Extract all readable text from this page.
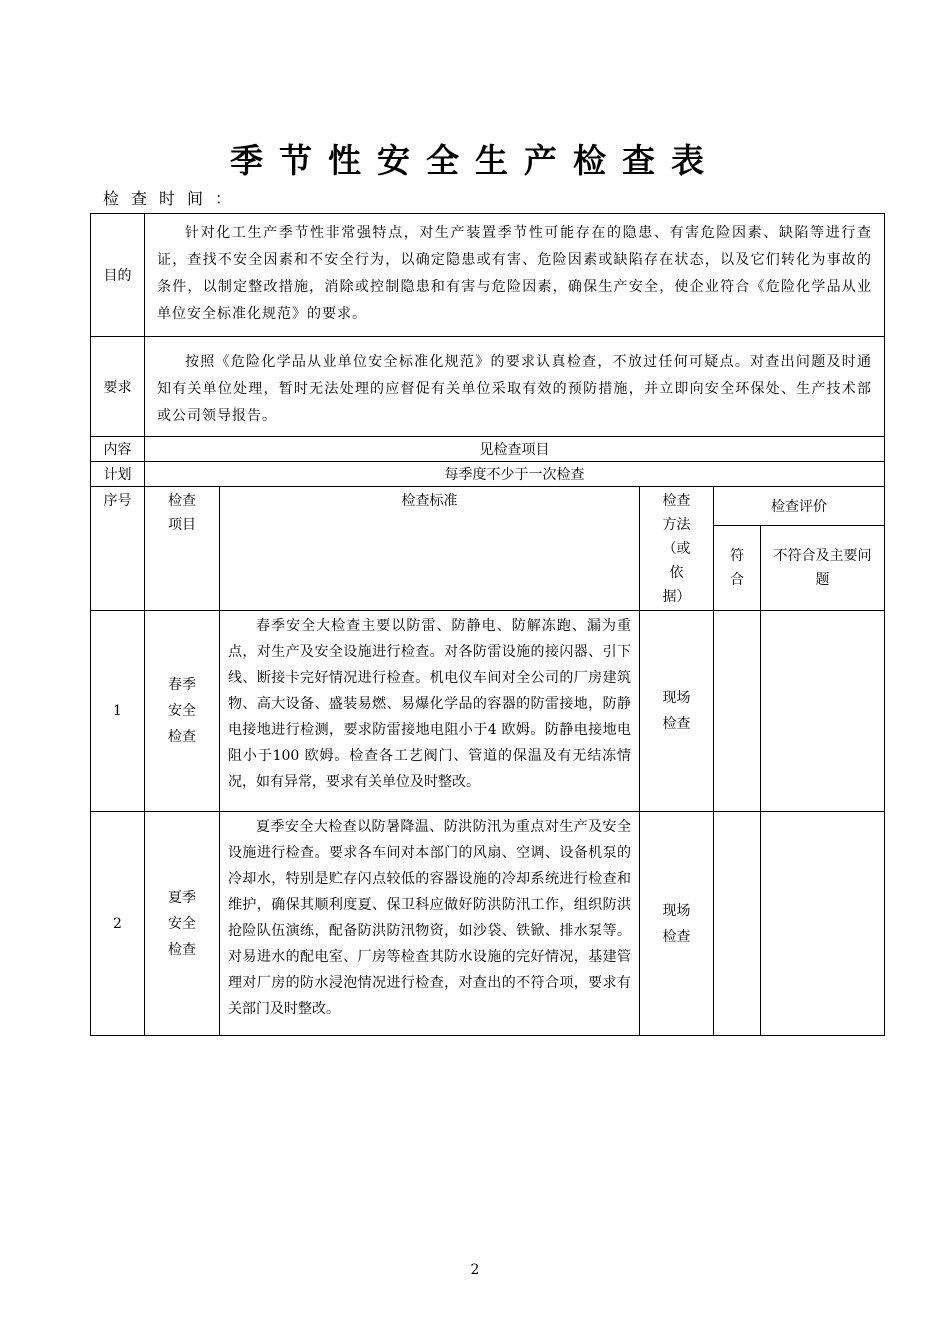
季节性安全生产检查表
检查时间：
目的	针对化工生产季节性非常强特点，对生产装置季节性可能存在的隐患、有害危险因素、缺陷等进行查证，查找不安全因素和不安全行为，以确定隐患或有害、危险因素或缺陷存在状态，以及它们转化为事故的条件，以制定整改措施，消除或控制隐患和有害与危险因素，确保生产安全，使企业符合《危险化学品从业单位安全标准化规范》的要求。				
要求	按照《危险化学品从业单位安全标准化规范》的要求认真检查，不放过任何可疑点。对查出问题及时通知有关单位处理，暂时无法处理的应督促有关单位采取有效的预防措施，并立即向安全环保处、生产技术部或公司领导报告。				
内容	见检查项目				
计划	每季度不少于一次检查				
序号	检查项目	检查标准	检查方法（或依据）	检查评价	
				符合	不符合及主要问题
1	春季安全检查	春季安全大检查主要以防雷、防静电、防解冻跑、漏为重点，对生产及安全设施进行检查。对各防雷设施的接闪器、引下线、断接卡完好情况进行检查。机电仪车间对全公司的厂房建筑物、高大设备、盛装易燃、易爆化学品的容器的防雷接地，防静电接地进行检测，要求防雷接地电阻小于4 欧姆。防静电接地电阻小于100 欧姆。检查各工艺阀门、管道的保温及有无结冻情况，如有异常，要求有关单位及时整改。	现场检查		
2	夏季安全检查	夏季安全大检查以防暑降温、防洪防汛为重点对生产及安全设施进行检查。要求各车间对本部门的风扇、空调、设备机泵的冷却水，特别是贮存闪点较低的容器设施的冷却系统进行检查和维护，确保其顺利度夏、保卫科应做好防洪防汛工作，组织防洪抢险队伍演练，配备防洪防汛物资，如沙袋、铁锨、排水泵等。对易进水的配电室、厂房等检查其防水设施的完好情况，基建管理对厂房的防水浸泡情况进行检查，对查出的不符合项，要求有关部门及时整改。	现场检查		
2
